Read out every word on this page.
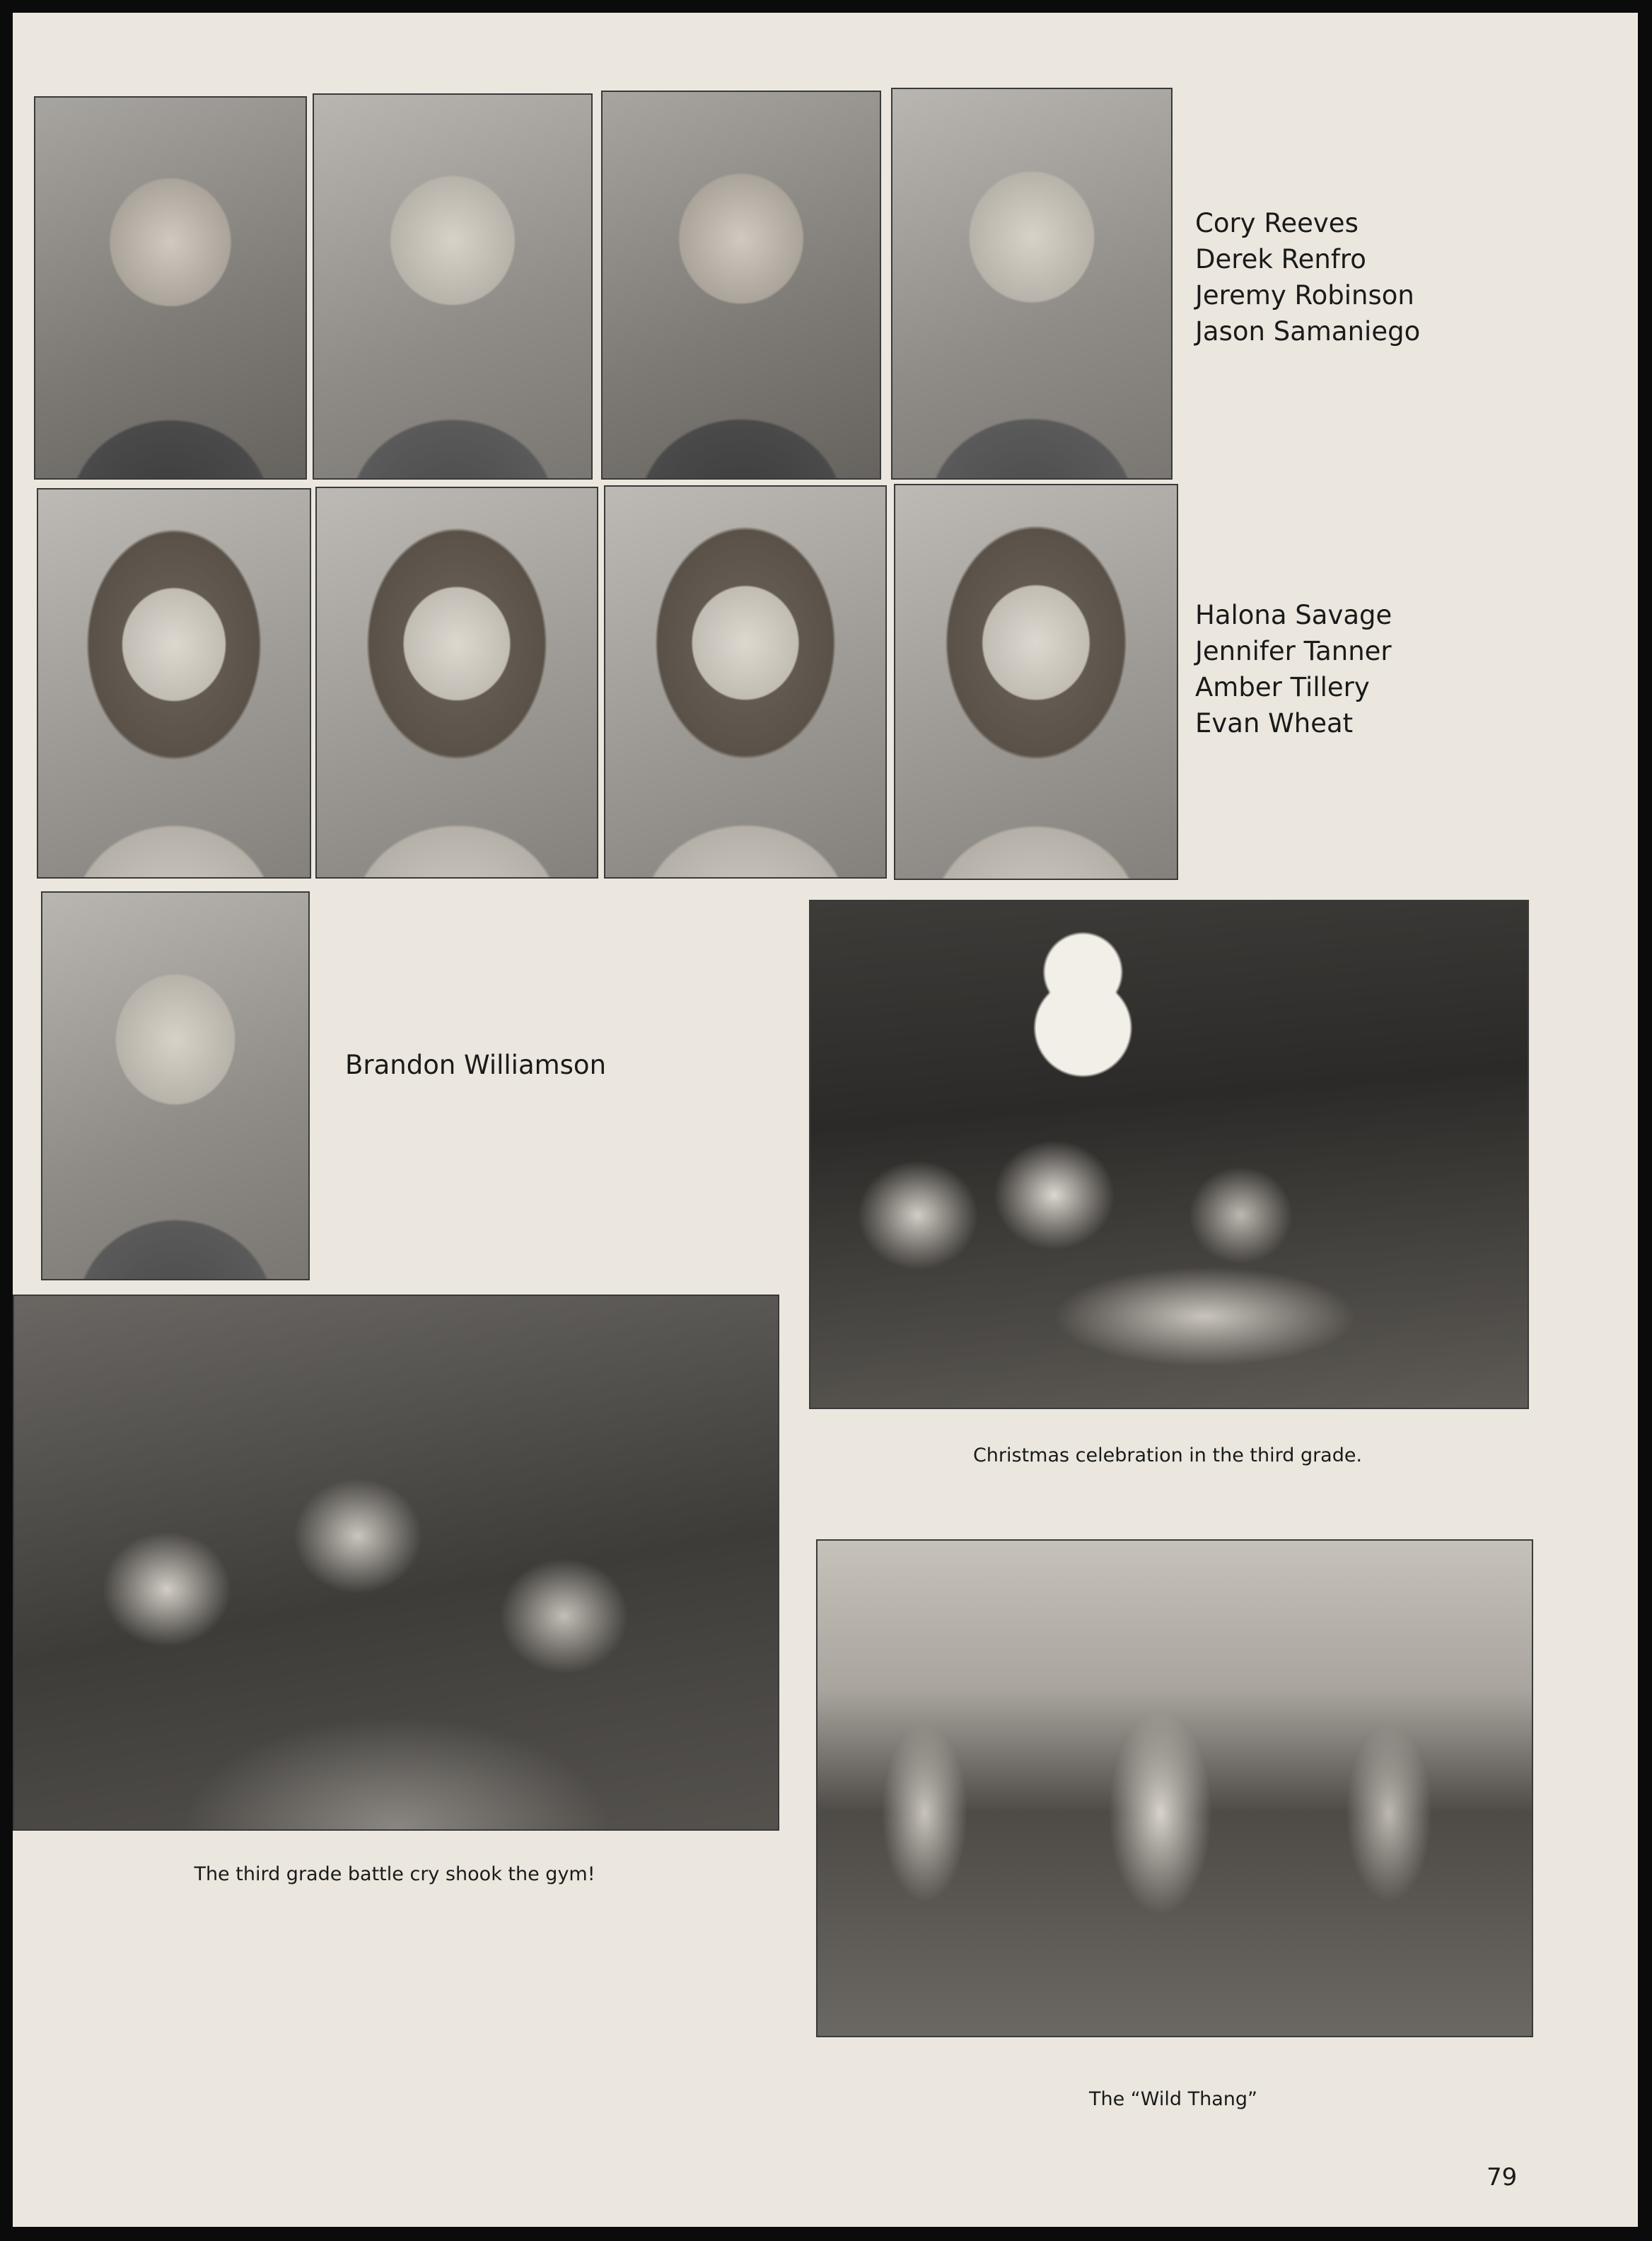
Cory Reeves
Derek Renfro
Jeremy Robinson
Jason Samaniego
Halona Savage
Jennifer Tanner
Amber Tillery
Evan Wheat
Brandon Williamson
Christmas celebration in the third grade.
The third grade battle cry shook the gym!
The “Wild Thang”
79
